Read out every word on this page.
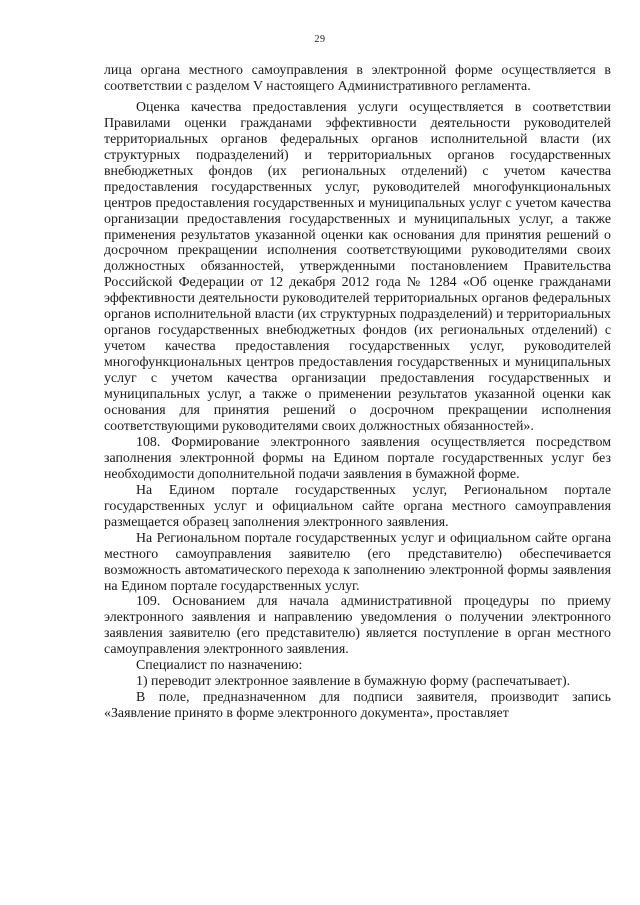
29

лица органа местного самоуправления в электронной форме осуществляется в соответствии с разделом V настоящего Административного регламента.

Оценка качества предоставления услуги осуществляется в соответствии Правилами оценки гражданами эффективности деятельности руководителей территориальных органов федеральных органов исполнительной власти (их структурных подразделений) и территориальных органов государственных внебюджетных фондов (их региональных отделений) с учетом качества предоставления государственных услуг, руководителей многофункциональных центров предоставления государственных и муниципальных услуг с учетом качества организации предоставления государственных и муниципальных услуг, а также применения результатов указанной оценки как основания для принятия решений о досрочном прекращении исполнения соответствующими руководителями своих должностных обязанностей, утвержденными постановлением Правительства Российской Федерации от 12 декабря 2012 года № 1284 «Об оценке гражданами эффективности деятельности руководителей территориальных органов федеральных органов исполнительной власти (их структурных подразделений) и территориальных органов государственных внебюджетных фондов (их региональных отделений) с учетом качества предоставления государственных услуг, руководителей многофункциональных центров предоставления государственных и муниципальных услуг с учетом качества организации предоставления государственных и муниципальных услуг, а также о применении результатов указанной оценки как основания для принятия решений о досрочном прекращении исполнения соответствующими руководителями своих должностных обязанностей».

108. Формирование электронного заявления осуществляется посредством заполнения электронной формы на Едином портале государственных услуг без необходимости дополнительной подачи заявления в бумажной форме.

На Едином портале государственных услуг, Региональном портале государственных услуг и официальном сайте органа местного самоуправления размещается образец заполнения электронного заявления.

На Региональном портале государственных услуг и официальном сайте органа местного самоуправления заявителю (его представителю) обеспечивается возможность автоматического перехода к заполнению электронной формы заявления на Едином портале государственных услуг.

109. Основанием для начала административной процедуры по приему электронного заявления и направлению уведомления о получении электронного заявления заявителю (его представителю) является поступление в орган местного самоуправления электронного заявления.

Специалист по назначению:

1) переводит электронное заявление в бумажную форму (распечатывает).

В поле, предназначенном для подписи заявителя, производит запись «Заявление принято в форме электронного документа», проставляет
